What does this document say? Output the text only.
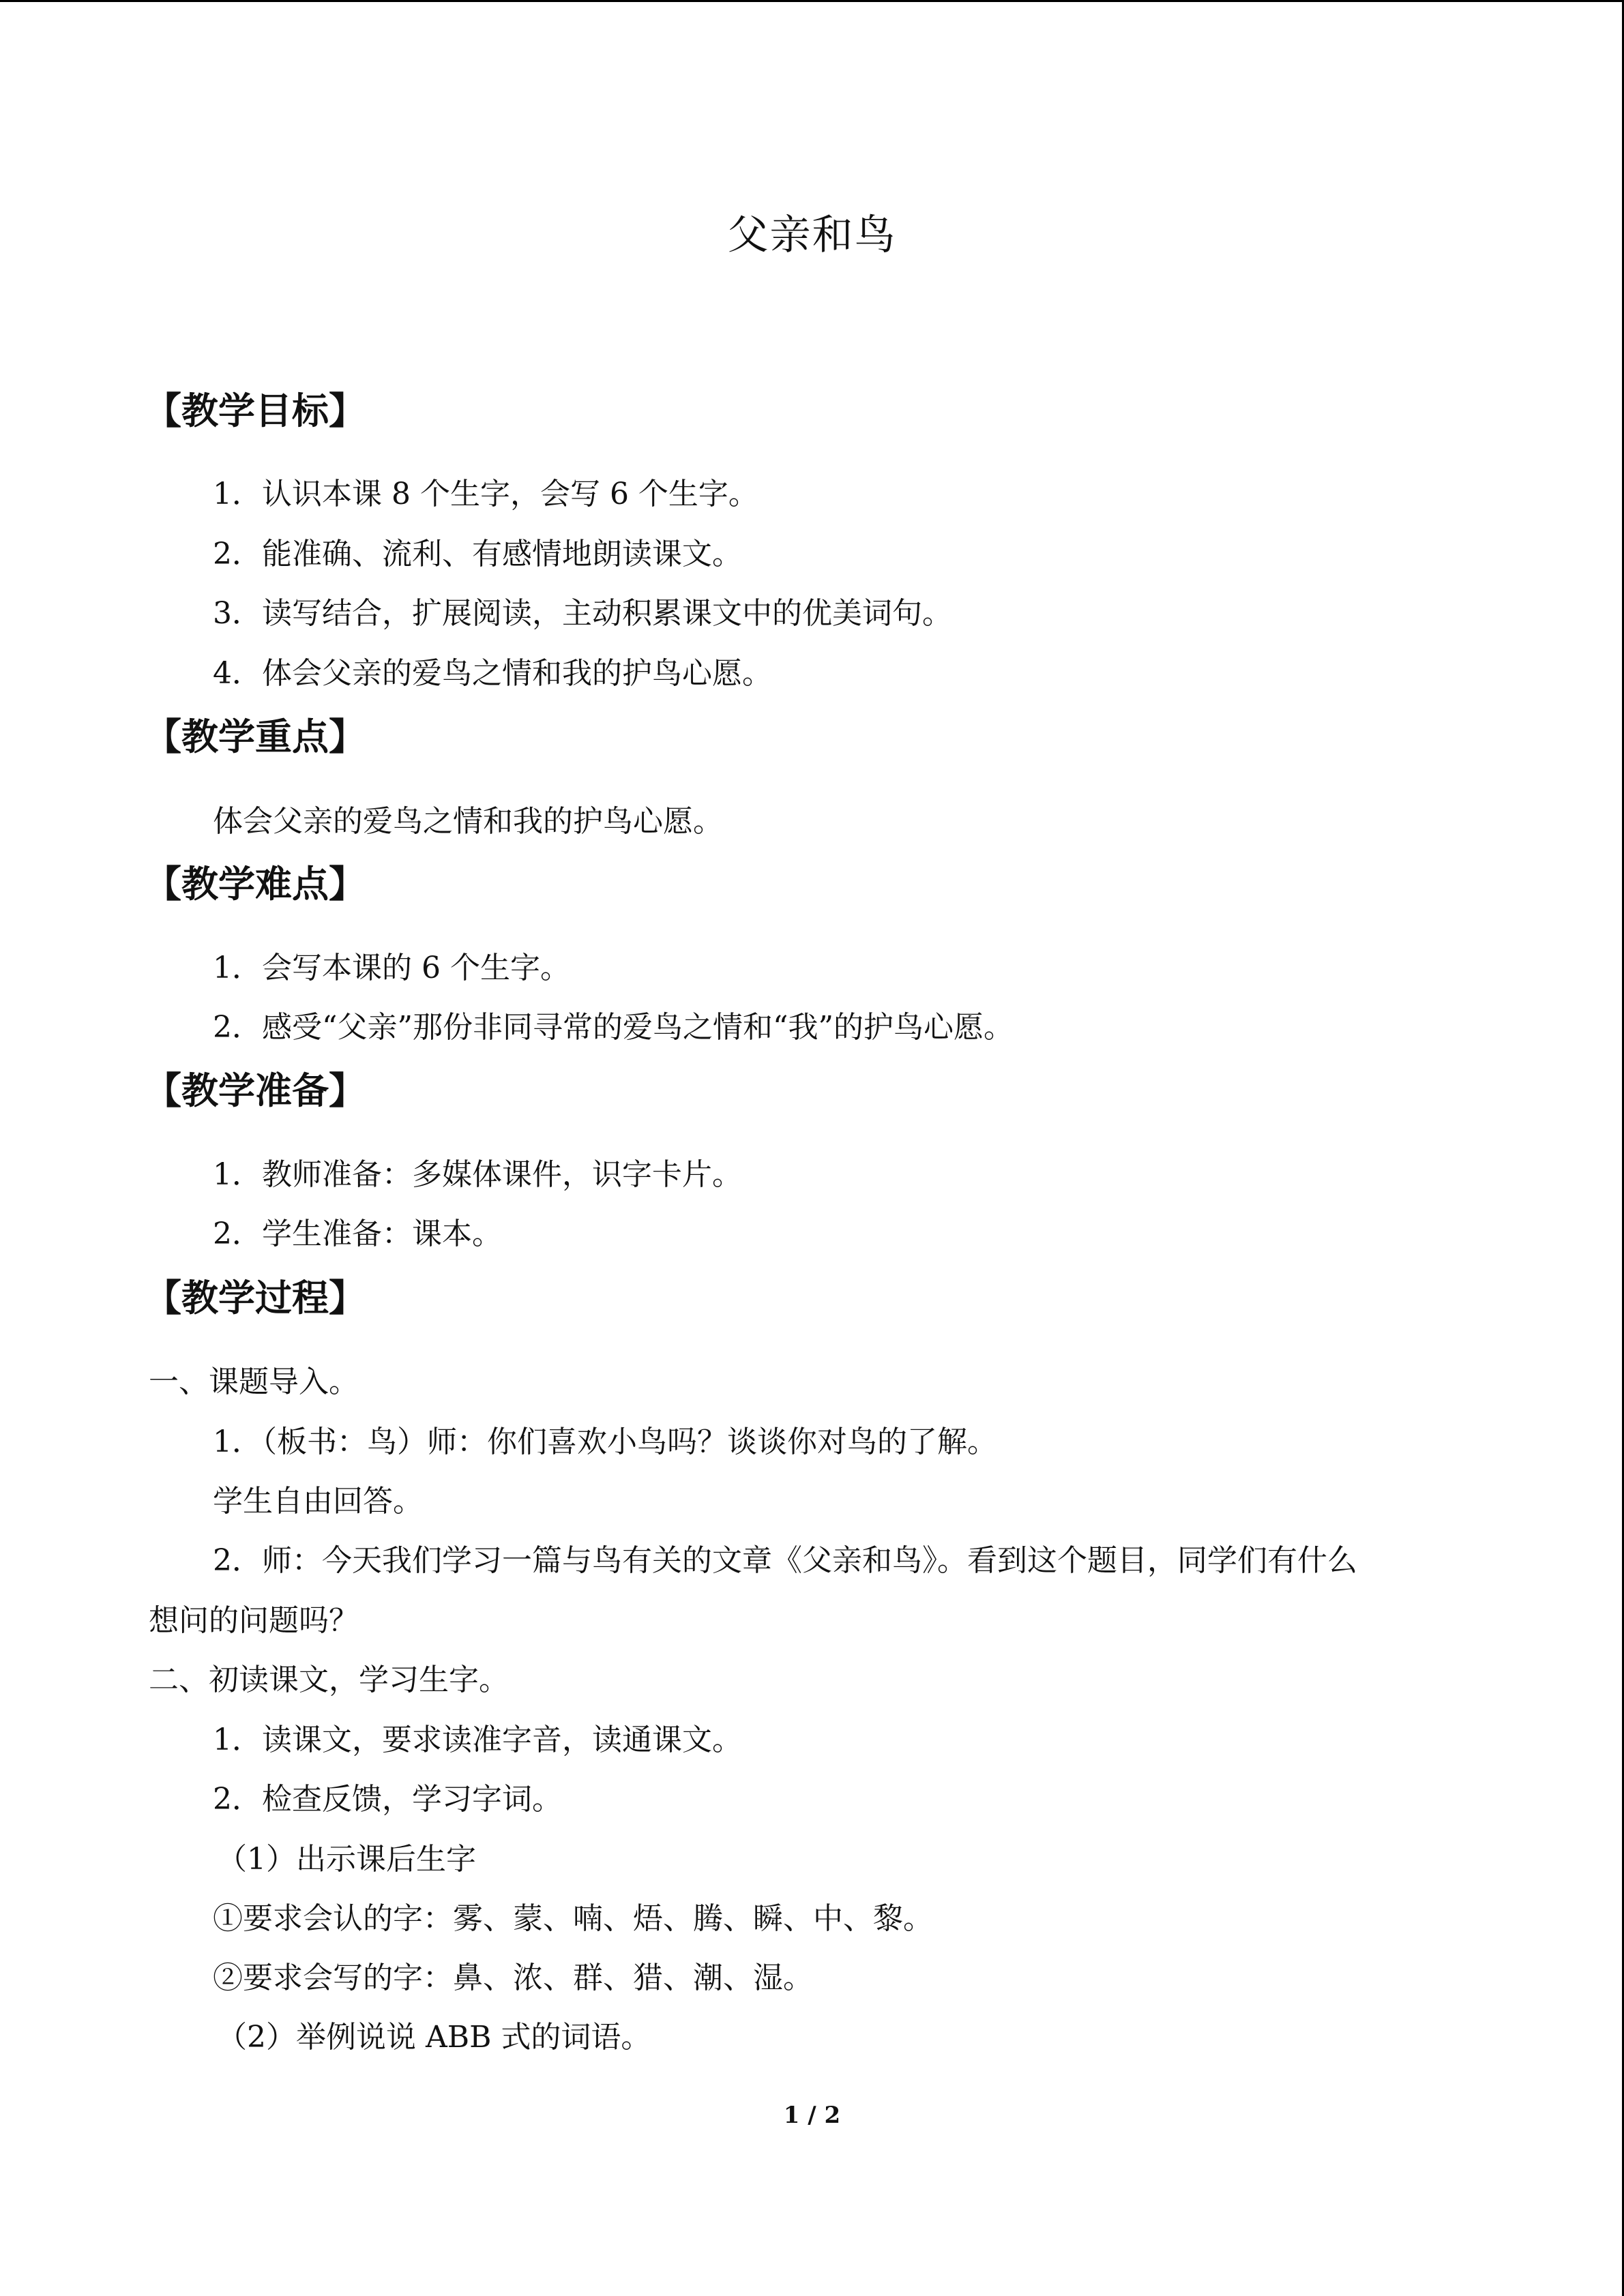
父亲和鸟
【教学目标】
1．认识本课 8 个生字，会写 6 个生字。
2．能准确、流利、有感情地朗读课文。
3．读写结合，扩展阅读，主动积累课文中的优美词句。
4．体会父亲的爱鸟之情和我的护鸟心愿。
【教学重点】
体会父亲的爱鸟之情和我的护鸟心愿。
【教学难点】
1．会写本课的 6 个生字。
2．感受“父亲”那份非同寻常的爱鸟之情和“我”的护鸟心愿。
【教学准备】
1．教师准备：多媒体课件，识字卡片。
2．学生准备：课本。
【教学过程】
一、课题导入。
1．（板书：鸟）师：你们喜欢小鸟吗？谈谈你对鸟的了解。
学生自由回答。
2．师：今天我们学习一篇与鸟有关的文章《父亲和鸟》。看到这个题目，同学们有什么
想问的问题吗？
二、初读课文，学习生字。
1．读课文，要求读准字音，读通课文。
2．检查反馈，学习字词。
（1）出示课后生字
①要求会认的字：雾、蒙、喃、焐、腾、瞬、中、黎。
②要求会写的字：鼻、浓、群、猎、潮、湿。
（2）举例说说 ABB 式的词语。
1 / 2
